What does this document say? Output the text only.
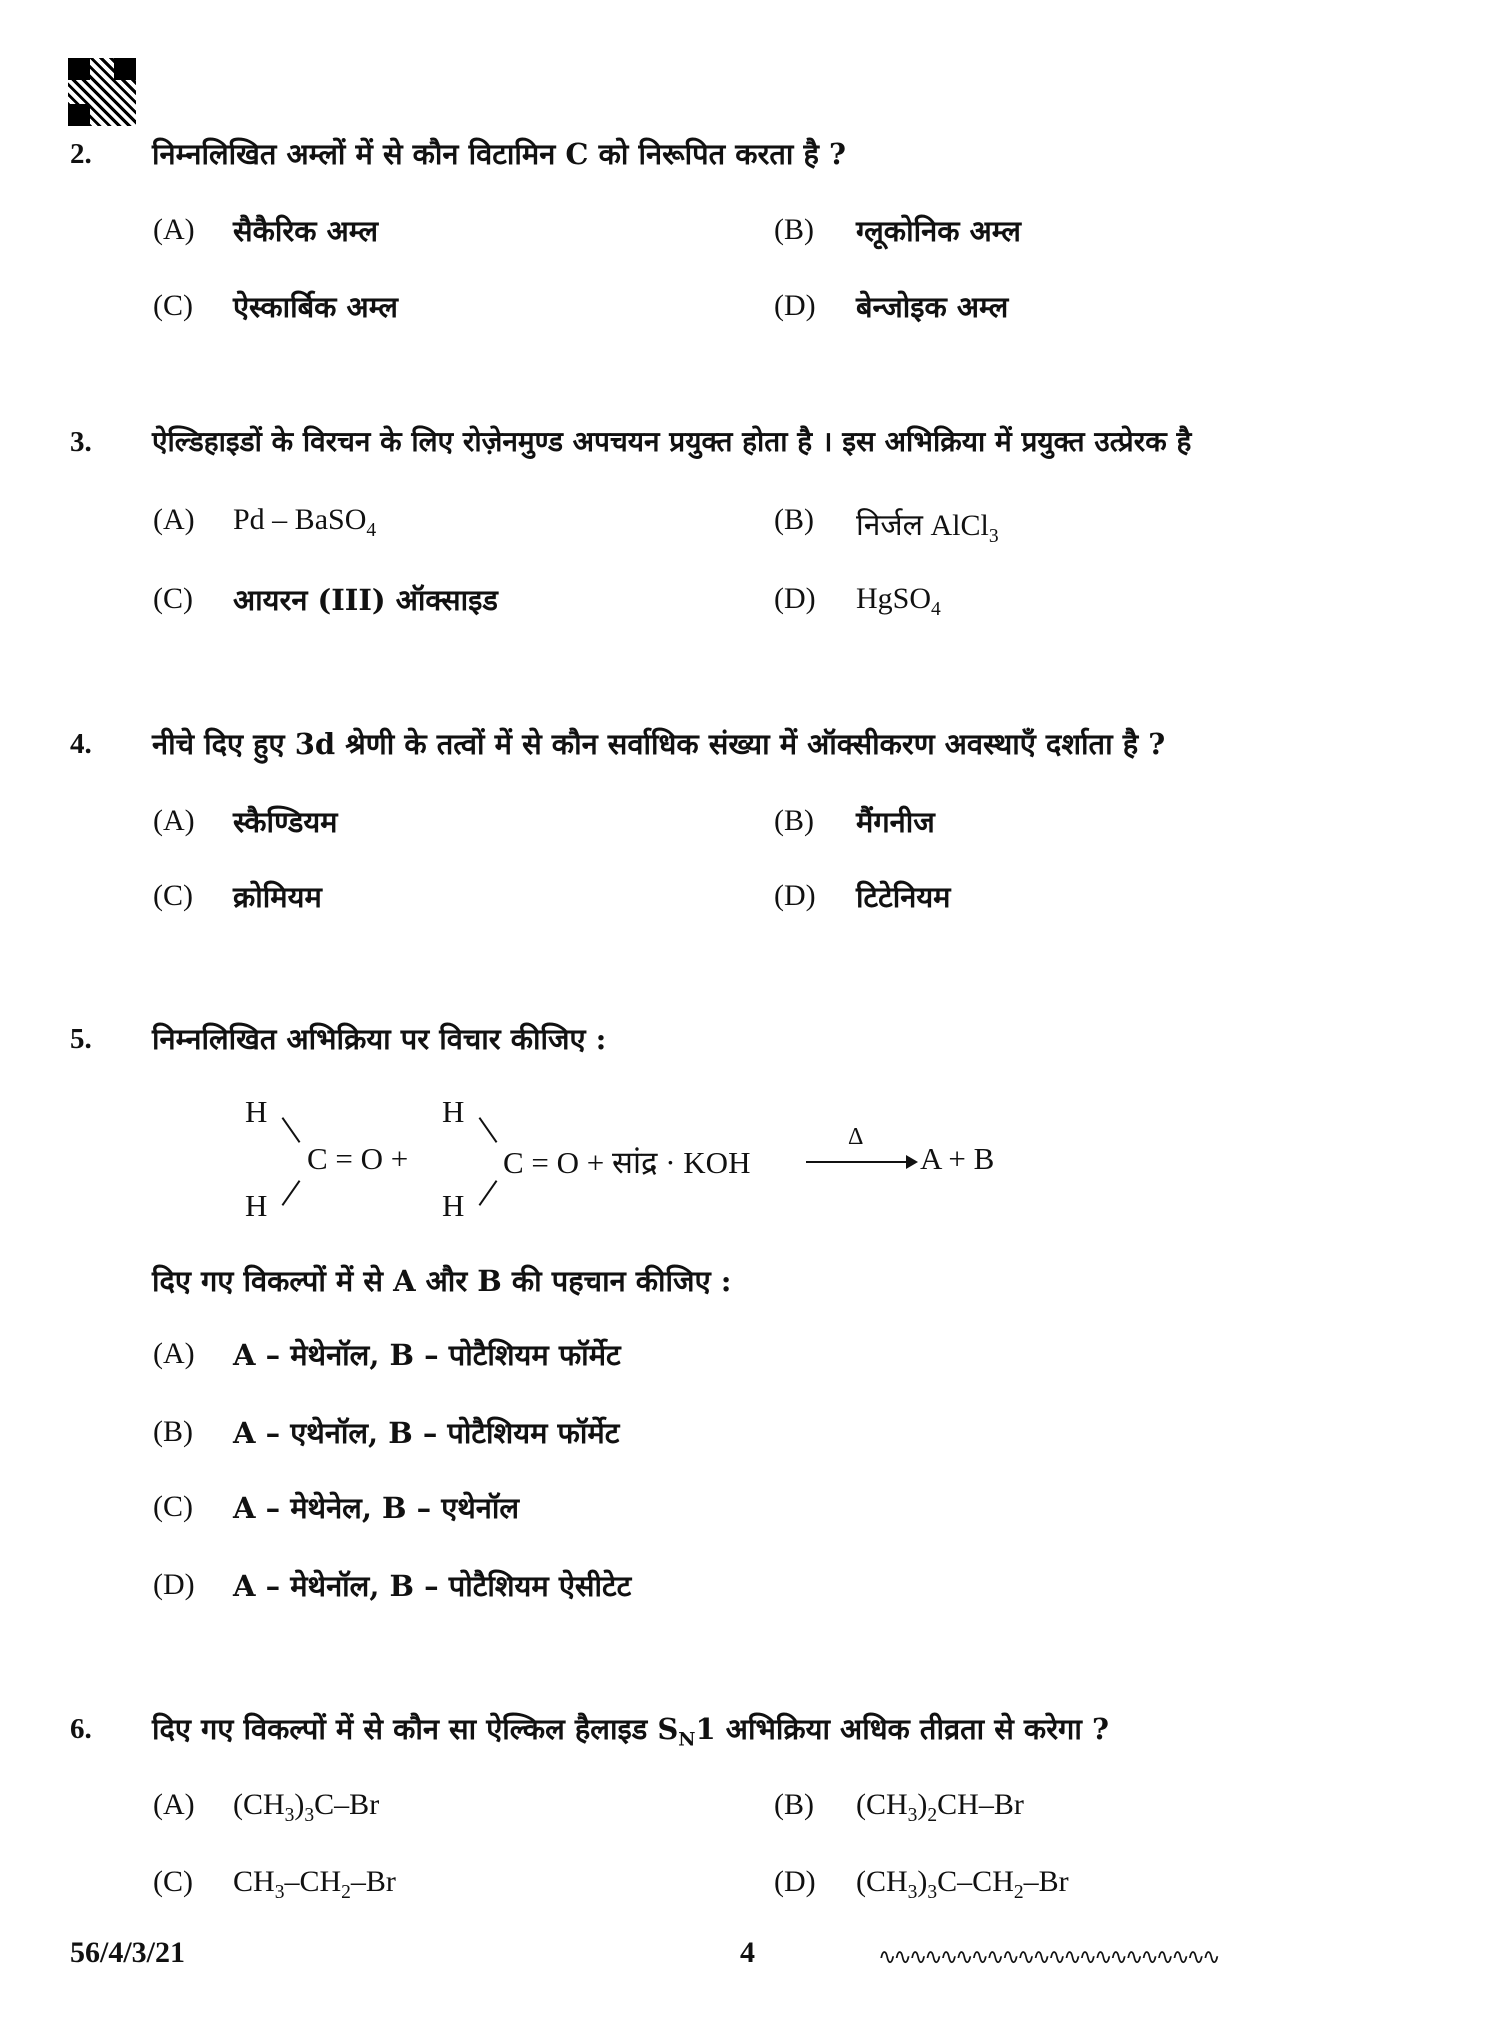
2. निम्नलिखित अम्लों में से कौन विटामिन C को निरूपित करता है ?
(A) सैकैरिक अम्ल	(B) ग्लूकोनिक अम्ल
(C) ऐस्कार्बिक अम्ल	(D) बेन्जोइक अम्ल
3. ऐल्डिहाइडों के विरचन के लिए रोज़ेनमुण्ड अपचयन प्रयुक्त होता है । इस अभिक्रिया में प्रयुक्त उत्प्रेरक है
(A) Pd – BaSO$_4$	(B) निर्जल AlCl$_3$
(C) आयरन (III) ऑक्साइड	(D) HgSO$_4$
4. नीचे दिए हुए 3d श्रेणी के तत्वों में से कौन सर्वाधिक संख्या में ऑक्सीकरण अवस्थाएँ दर्शाता है ?
(A) स्कैण्डियम	(B) मैंगनीज
(C) क्रोमियम	(D) टिटेनियम
5. निम्नलिखित अभिक्रिया पर विचार कीजिए :
H
H
C = O +
H
H
C = O + सांद्र · KOH
Δ
A + B
दिए गए विकल्पों में से A और B की पहचान कीजिए :
(A) A – मेथेनॉल, B – पोटैशियम फॉर्मेट
(B) A – एथेनॉल, B – पोटैशियम फॉर्मेट
(C) A – मेथेनेल, B – एथेनॉल
(D) A – मेथेनॉल, B – पोटैशियम ऐसीटेट
6. दिए गए विकल्पों में से कौन सा ऐल्किल हैलाइड $S_N1$ अभिक्रिया अधिक तीव्रता से करेगा ?
(A) $(CH_3)_3C-Br$	(B) $(CH_3)_2CH-Br$
(C) $CH_3-CH_2-Br$	(D) $(CH_3)_3C-CH_2-Br$
56/4/3/21	4	∿∿∿∿∿∿∿∿∿∿∿∿∿∿∿∿∿∿∿∿∿∿
